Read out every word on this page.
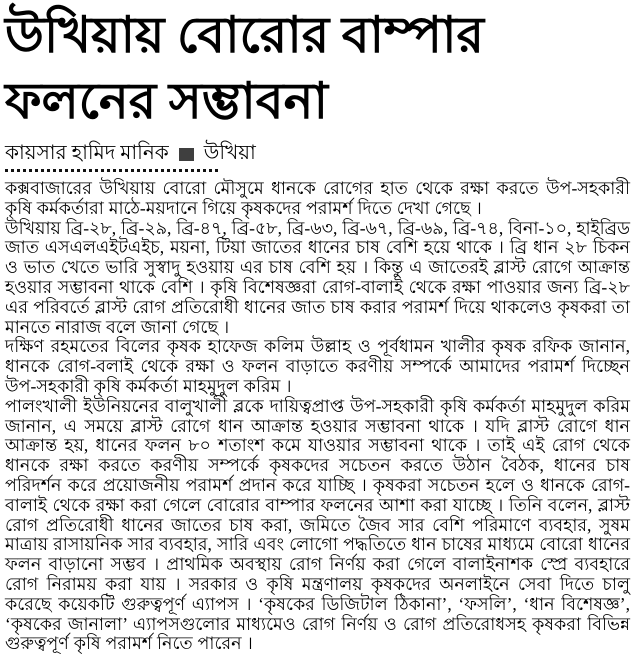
উখিয়ায় বোরোর বাম্পার
ফলনের সম্ভাবনা
কায়সার হামিদ মানিক উখিয়া

কক্সবাজারের উখিয়ায় বোরো মৌসুমে ধানকে রোগের হাত থেকে রক্ষা করতে উপ-সহকারী কৃষি কর্মকর্তারা মাঠে-ময়দানে গিয়ে কৃষকদের পরামর্শ দিতে দেখা গেছে ।

উখিয়ায় ব্রি-২৮, ব্রি-২৯, ব্রি-৪৭, ব্রি-৫৮, ব্রি-৬৩, ব্রি-৬৭, ব্রি-৬৯, ব্রি-৭৪, বিনা-১০, হাইব্রিড জাত এসএলএইটএইচ, ময়না, টিয়া জাতের ধানের চাষ বেশি হয়ে থাকে । ব্রি ধান ২৮ চিকন ও ভাত খেতে ভারি সুস্বাদু হওয়ায় এর চাষ বেশি হয় । কিন্তু এ জাতেরই ব্লাস্ট রোগে আক্রান্ত হওয়ার সম্ভাবনা থাকে বেশি । কৃষি বিশেষজ্ঞরা রোগ-বালাই থেকে রক্ষা পাওয়ার জন্য ব্রি-২৮ এর পরিবর্তে ব্লাস্ট রোগ প্রতিরোধী ধানের জাত চাষ করার পরামর্শ দিয়ে থাকলেও কৃষকরা তা মানতে নারাজ বলে জানা গেছে ।

দক্ষিণ রহমতের বিলের কৃষক হাফেজ কলিম উল্লাহ ও পূর্বধামন খালীর কৃষক রফিক জানান, ধানকে রোগ-বলাই থেকে রক্ষা ও ফলন বাড়াতে করণীয় সম্পর্কে আমাদের পরামর্শ দিচ্ছেন উপ-সহকারী কৃষি কর্মকর্তা মাহমুদুল করিম ।

পালংখালী ইউনিয়নের বালুখালী ব্লকে দায়িত্বপ্রাপ্ত উপ-সহকারী কৃষি কর্মকর্তা মাহমুদুল করিম জানান, এ সময়ে ব্লাস্ট রোগে ধান আক্রান্ত হওয়ার সম্ভাবনা থাকে । যদি ব্লাস্ট রোগে ধান আক্রান্ত হয়, ধানের ফলন ৮০ শতাংশ কমে যাওয়ার সম্ভাবনা থাকে । তাই এই রোগ থেকে ধানকে রক্ষা করতে করণীয় সম্পর্কে কৃষকদের সচেতন করতে উঠান বৈঠক, ধানের চাষ পরিদর্শন করে প্রয়োজনীয় পরামর্শ প্রদান করে যাচ্ছি । কৃষকরা সচেতন হলে ও ধানকে রোগ-বালাই থেকে রক্ষা করা গেলে বোরোর বাম্পার ফলনের আশা করা যাচ্ছে । তিনি বলেন, ব্লাস্ট রোগ প্রতিরোধী ধানের জাতের চাষ করা, জমিতে জৈব সার বেশি পরিমাণে ব্যবহার, সুষম মাত্রায় রাসায়নিক সার ব্যবহার, সারি এবং লোগো পদ্ধতিতে ধান চাষের মাধ্যমে বোরো ধানের ফলন বাড়ানো সম্ভব । প্রাথমিক অবস্থায় রোগ নির্ণয় করা গেলে বালাইনাশক স্প্রে ব্যবহারে রোগ নিরাময় করা যায় । সরকার ও কৃষি মন্ত্রণালয় কৃষকদের অনলাইনে সেবা দিতে চালু করেছে কয়েকটি গুরুত্বপূর্ণ এ্যাপস । ‘কৃষকের ডিজিটাল ঠিকানা’, ‘ফসলি’, ‘ধান বিশেষজ্ঞ’, ‘কৃষকের জানালা’ এ্যাপসগুলোর মাধ্যমেও রোগ নির্ণয় ও রোগ প্রতিরোধসহ কৃষকরা বিভিন্ন গুরুত্বপূর্ণ কৃষি পরামর্শ নিতে পারেন ।
